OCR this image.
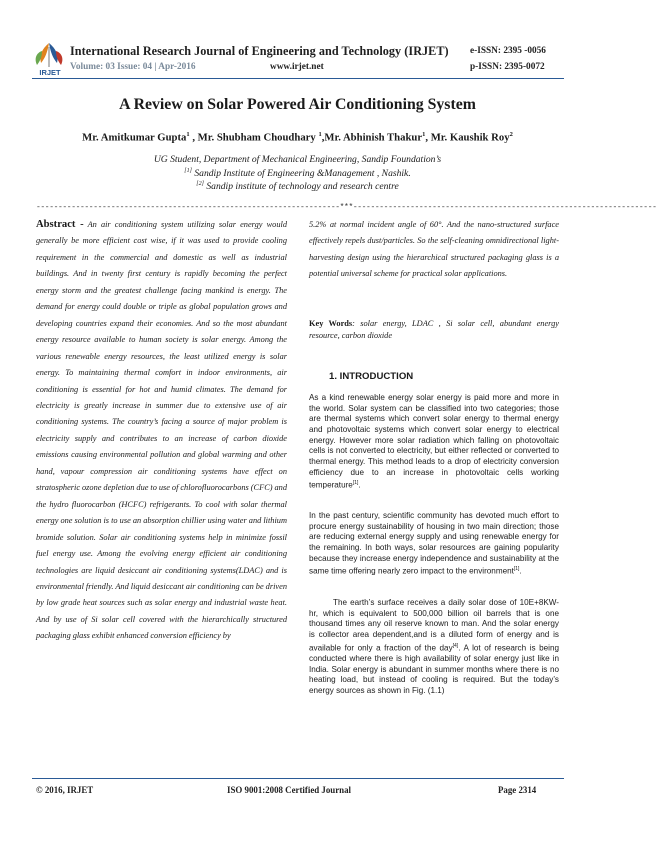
IRJET
International Research Journal of Engineering and Technology (IRJET)
Volume: 03 Issue: 04 | Apr-2016	www.irjet.net
e-ISSN: 2395 -0056
p-ISSN: 2395-0072
A Review on Solar Powered Air Conditioning System
Mr. Amitkumar Gupta$^1$ , Mr. Shubham Choudhary $^1$,Mr. Abhinish Thakur$^1$, Mr. Kaushik Roy$^2$
UG Student, Department of Mechanical Engineering, Sandip Foundation’s
[1] Sandip Institute of Engineering &Management , Nashik.
[2] Sandip institute of technology and research centre
---------------------------------------------------------------------***---------------------------------------------------------------------
Abstract - An air conditioning system utilizing solar energy would generally be more efficient cost wise, if it was used to provide cooling requirement in the commercial and domestic as well as industrial buildings. And in twenty first century is rapidly becoming the perfect energy storm and the greatest challenge facing mankind is energy. The demand for energy could double or triple as global population grows and developing countries expand their economies. And so the most abundant energy resource available to human society is solar energy. Among the various renewable energy resources, the least utilized energy is solar energy. To maintaining thermal comfort in indoor environments, air conditioning is essential for hot and humid climates. The demand for electricity is greatly increase in summer due to extensive use of air conditioning systems. The country’s facing a source of major problem is electricity supply and contributes to an increase of carbon dioxide emissions causing environmental pollution and global warming and other hand, vapour compression air conditioning systems have effect on stratospheric ozone depletion due to use of chlorofluorocarbons (CFC) and the hydro fluorocarbon (HCFC) refrigerants. To cool with solar thermal energy one solution is to use an absorption chillier using water and lithium bromide solution. Solar air conditioning systems help in minimize fossil fuel energy use. Among the evolving energy efficient air conditioning technologies are liquid desiccant air conditioning systems(LDAC) and is environmental friendly. And liquid desiccant air conditioning can be driven by low grade heat sources such as solar energy and industrial waste heat. And by use of Si solar cell covered with the hierarchically structured packaging glass exhibit enhanced conversion efficiency by
5.2% at normal incident angle of 60°. And the nano-structured surface effectively repels dust/particles. So the self-cleaning omnidirectional light-harvesting design using the hierarchical structured packaging glass is a potential universal scheme for practical solar applications.
Key Words: solar energy, LDAC , Si solar cell, abundant energy resource, carbon dioxide
1. INTRODUCTION
As a kind renewable energy solar energy is paid more and more in the world. Solar system can be classified into two categories; those are thermal systems which convert solar energy to thermal energy and photovoltaic systems which convert solar energy to electrical energy. However more solar radiation which falling on photovoltaic cells is not converted to electricity, but either reflected or converted to thermal energy. This method leads to a drop of electricity conversion efficiency due to an increase in photovoltaic cells working temperature[1].
In the past century, scientific community has devoted much effort to procure energy sustainability of housing in two main direction; those are reducing external energy supply and using renewable energy for the remaining. In both ways, solar resources are gaining popularity because they increase energy independence and sustainability at the same time offering nearly zero impact to the environment[1].
The earth’s surface receives a daily solar dose of 10E+8KW-hr, which is equivalent to 500,000 billion oil barrels that is one thousand times any oil reserve known to man. And the solar energy is collector area dependent,and is a diluted form of energy and is available for only a fraction of the day[4]. A lot of research is being conducted where there is high availability of solar energy just like in India. Solar energy is abundant in summer months where there is no heating load, but instead of cooling is required. But the today’s energy sources as shown in Fig. (1.1)
© 2016, IRJET	ISO 9001:2008 Certified Journal	Page 2314
